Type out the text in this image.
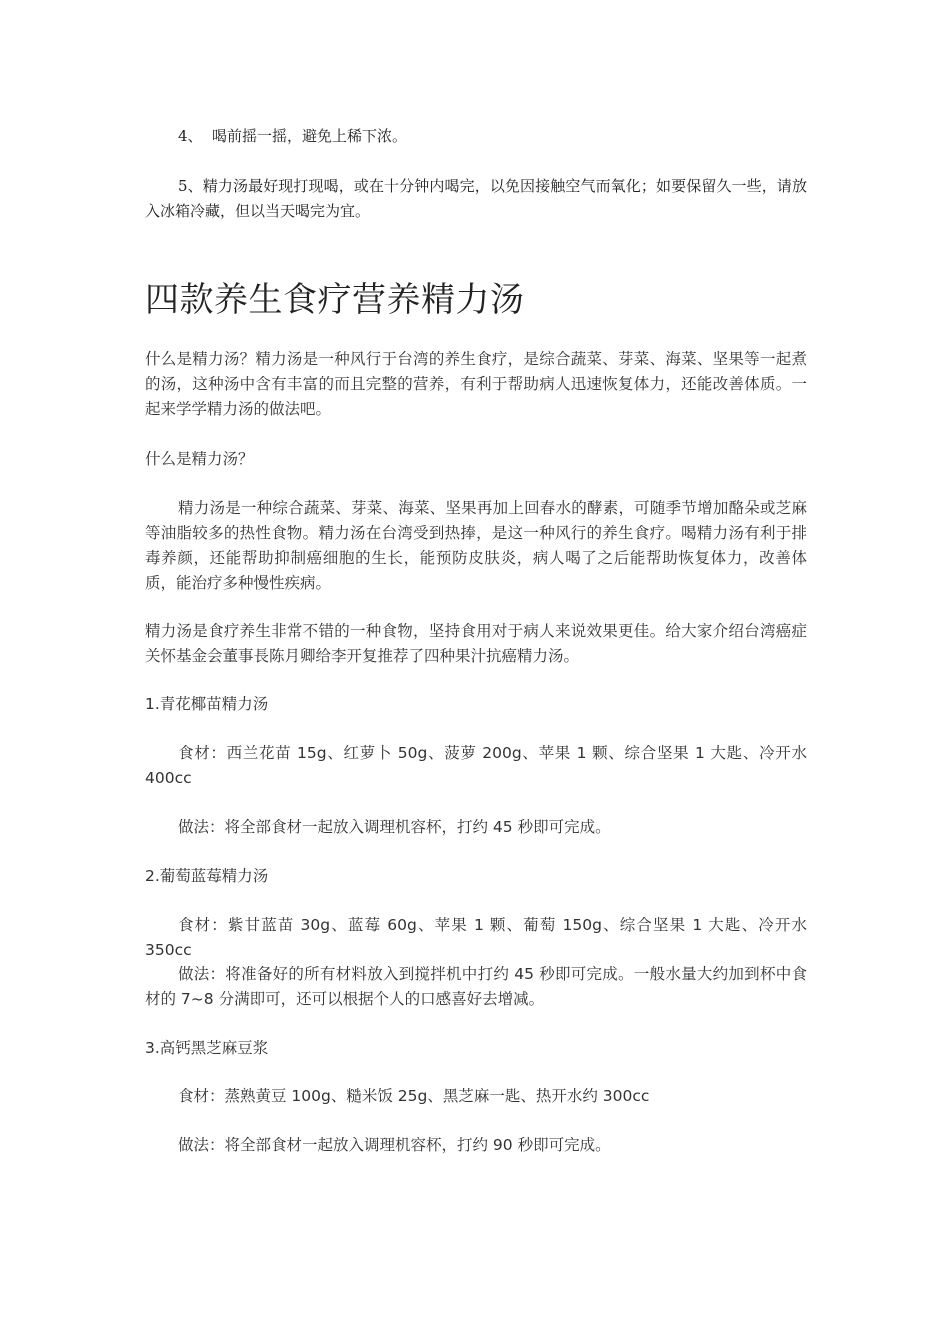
4、 喝前摇一摇，避免上稀下浓。

5、精力汤最好现打现喝，或在十分钟内喝完，以免因接触空气而氧化；如要保留久一些，请放入冰箱冷藏，但以当天喝完为宜。

四款养生食疗营养精力汤

什么是精力汤？精力汤是一种风行于台湾的养生食疗，是综合蔬菜、芽菜、海菜、坚果等一起煮的汤，这种汤中含有丰富的而且完整的营养，有利于帮助病人迅速恢复体力，还能改善体质。一起来学学精力汤的做法吧。

什么是精力汤？

精力汤是一种综合蔬菜、芽菜、海菜、坚果再加上回春水的酵素，可随季节增加酪朵或芝麻等油脂较多的热性食物。精力汤在台湾受到热捧，是这一种风行的养生食疗。喝精力汤有利于排毒养颜，还能帮助抑制癌细胞的生长，能预防皮肤炎，病人喝了之后能帮助恢复体力，改善体质，能治疗多种慢性疾病。

精力汤是食疗养生非常不错的一种食物，坚持食用对于病人来说效果更佳。给大家介绍台湾癌症关怀基金会董事長陈月卿给李开复推荐了四种果汁抗癌精力汤。

1.青花椰苗精力汤

食材：西兰花苗 15g、红萝卜 50g、菠萝 200g、苹果 1 颗、综合坚果 1 大匙、冷开水 400cc

做法：将全部食材一起放入调理机容杯，打约 45 秒即可完成。

2.葡萄蓝莓精力汤

食材：紫甘蓝苗 30g、蓝莓 60g、苹果 1 颗、葡萄 150g、综合坚果 1 大匙、冷开水 350cc

做法：将准备好的所有材料放入到搅拌机中打约 45 秒即可完成。一般水量大约加到杯中食材的 7~8 分满即可，还可以根据个人的口感喜好去增减。

3.高钙黑芝麻豆浆

食材：蒸熟黄豆 100g、糙米饭 25g、黑芝麻一匙、热开水约 300cc

做法：将全部食材一起放入调理机容杯，打约 90 秒即可完成。
